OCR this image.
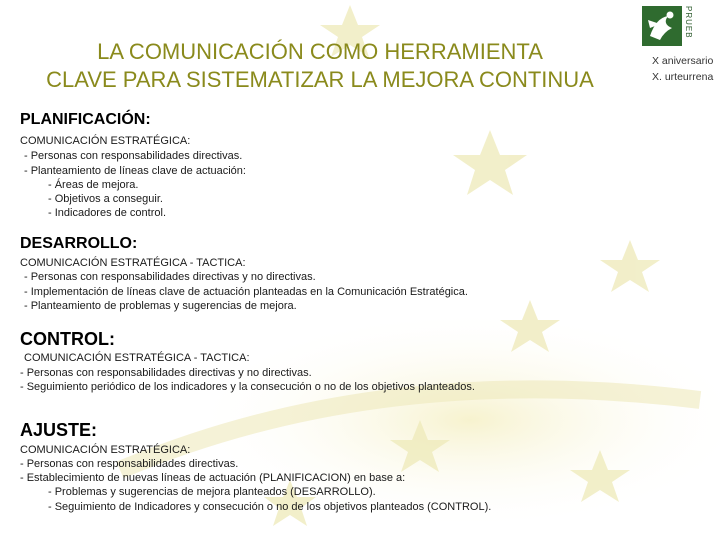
LA COMUNICACIÓN COMO HERRAMIENTA
CLAVE PARA SISTEMATIZAR LA MEJORA CONTINUA
PRUEB
X aniversario
X. urteurrena
PLANIFICACIÓN:
COMUNICACIÓN ESTRATÉGICA:
- Personas con responsabilidades directivas.
- Planteamiento de líneas clave de actuación:
- Áreas de mejora.
- Objetivos a conseguir.
- Indicadores de control.
DESARROLLO:
COMUNICACIÓN ESTRATÉGICA - TACTICA:
- Personas con responsabilidades directivas y no directivas.
- Implementación de líneas clave de actuación planteadas en la Comunicación Estratégica.
- Planteamiento de problemas y sugerencias de mejora.
CONTROL:
COMUNICACIÓN ESTRATÉGICA - TACTICA:
- Personas con responsabilidades directivas y no directivas.
- Seguimiento periódico de los indicadores y la consecución o no de los objetivos planteados.
AJUSTE:
COMUNICACIÓN ESTRATÉGICA:
- Personas con responsabilidades directivas.
- Establecimiento de nuevas líneas de actuación (PLANIFICACION) en base a:
- Problemas y sugerencias de mejora planteados (DESARROLLO).
- Seguimiento de Indicadores y consecución o no de los objetivos planteados (CONTROL).
